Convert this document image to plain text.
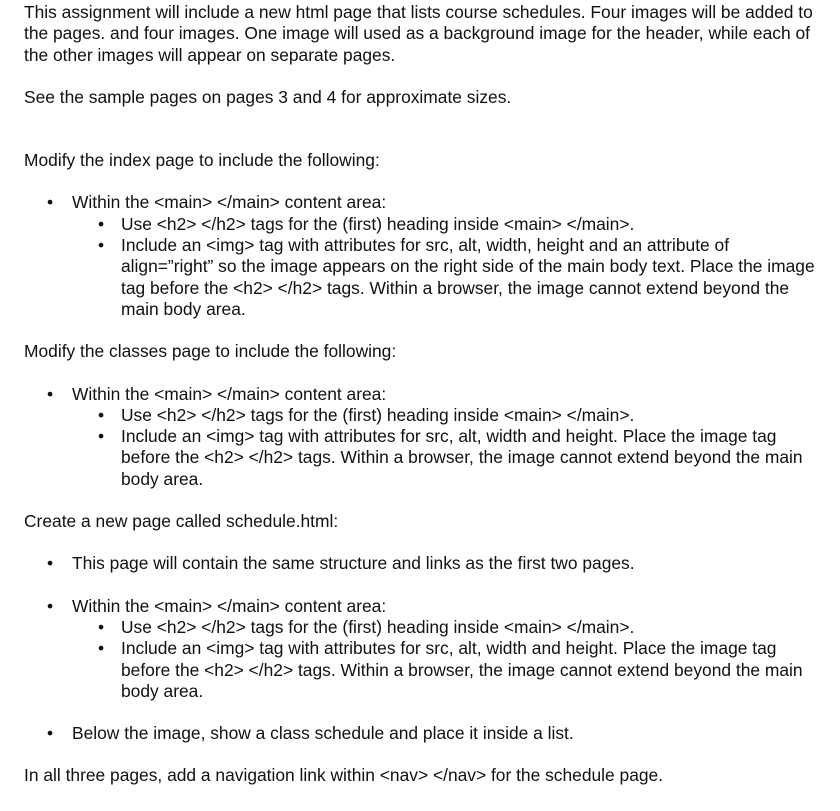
This assignment will include a new html page that lists course schedules. Four images will be added to the pages. and four images. One image will used as a background image for the header, while each of the other images will appear on separate pages.

See the sample pages on pages 3 and 4 for approximate sizes.

Modify the index page to include the following:

• Within the <main> </main> content area:
• Use <h2> </h2> tags for the (first) heading inside <main> </main>.
• Include an <img> tag with attributes for src, alt, width, height and an attribute of align=”right” so the image appears on the right side of the main body text. Place the image tag before the <h2> </h2> tags. Within a browser, the image cannot extend beyond the main body area.

Modify the classes page to include the following:

• Within the <main> </main> content area:
• Use <h2> </h2> tags for the (first) heading inside <main> </main>.
• Include an <img> tag with attributes for src, alt, width and height. Place the image tag before the <h2> </h2> tags. Within a browser, the image cannot extend beyond the main body area.

Create a new page called schedule.html:

• This page will contain the same structure and links as the first two pages.
• Within the <main> </main> content area:
• Use <h2> </h2> tags for the (first) heading inside <main> </main>.
• Include an <img> tag with attributes for src, alt, width and height. Place the image tag before the <h2> </h2> tags. Within a browser, the image cannot extend beyond the main body area.
• Below the image, show a class schedule and place it inside a list.

In all three pages, add a navigation link within <nav> </nav> for the schedule page.
